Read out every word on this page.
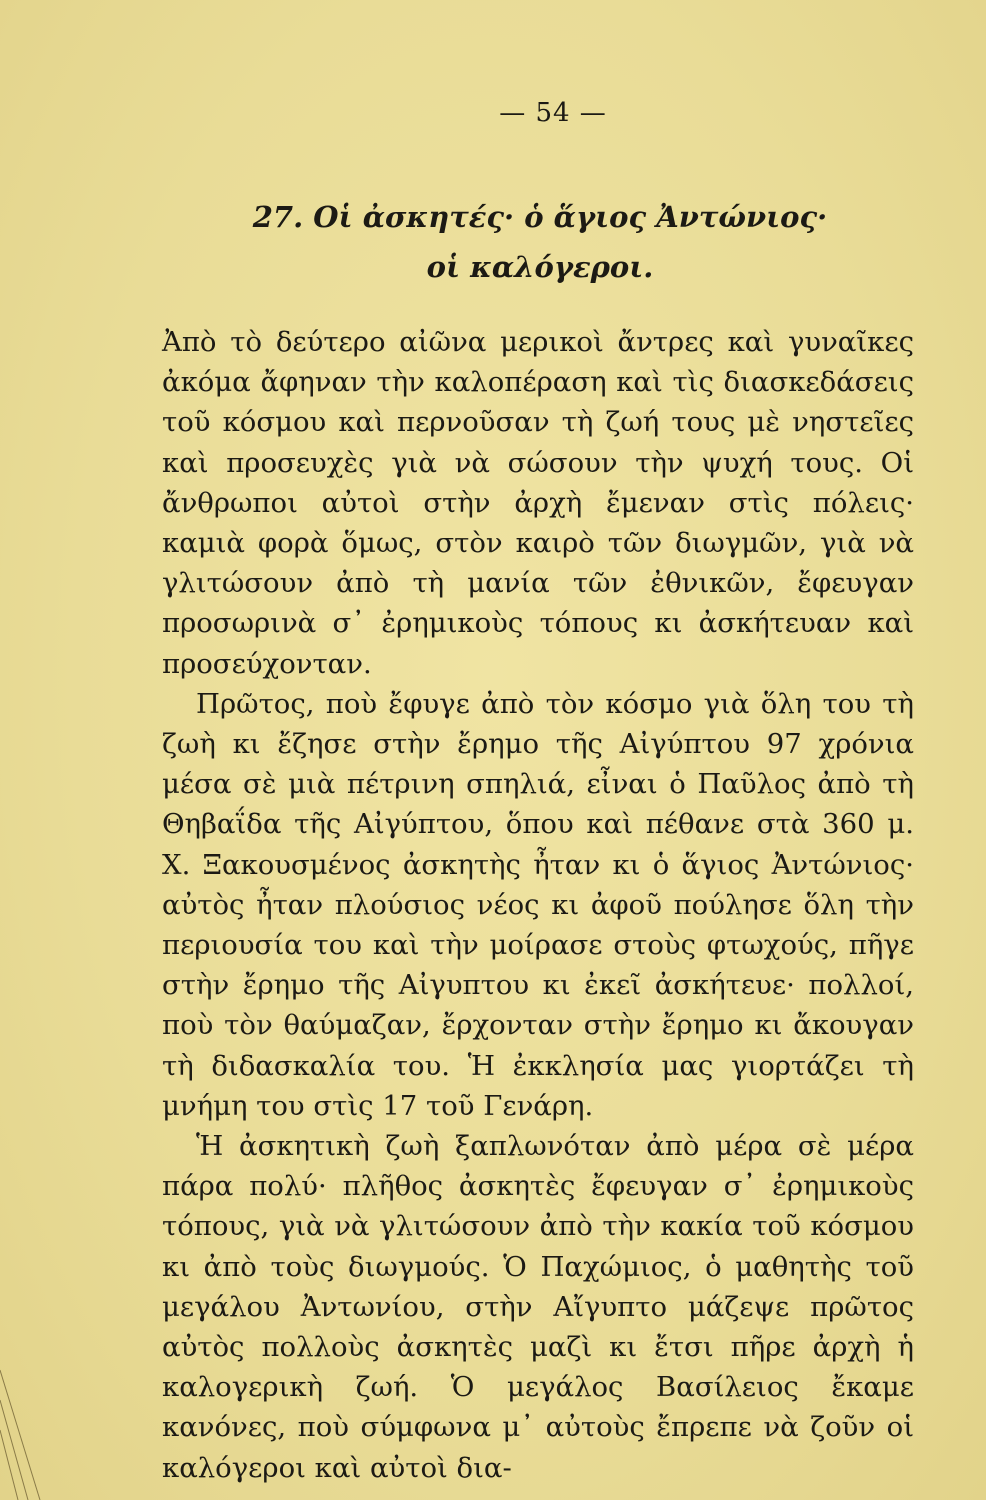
— 54 —
27. Οἱ ἀσκητές· ὁ ἅγιος Ἀντώνιος·
οἱ καλόγεροι.

Ἀπὸ τὸ δεύτερο αἰῶνα μερικοὶ ἄντρες καὶ γυναῖκες ἀκόμα ἄφηναν τὴν καλοπέραση καὶ τὶς διασκεδάσεις τοῦ κόσμου καὶ περνοῦσαν τὴ ζωή τους μὲ νηστεῖες καὶ προσευχὲς γιὰ νὰ σώσουν τὴν ψυχή τους. Οἱ ἄνθρωποι αὐτοὶ στὴν ἀρχὴ ἔμεναν στὶς πόλεις· καμιὰ φορὰ ὅμως, στὸν καιρὸ τῶν διωγμῶν, γιὰ νὰ γλιτώσουν ἀπὸ τὴ μανία τῶν ἐθνικῶν, ἔφευγαν προσωρινὰ σ᾿ ἐρημικοὺς τόπους κι ἀσκήτευαν καὶ προσεύχονταν.

Πρῶτος, ποὺ ἔφυγε ἀπὸ τὸν κόσμο γιὰ ὅλη του τὴ ζωὴ κι ἔζησε στὴν ἔρημο τῆς Αἰγύπτου 97 χρόνια μέσα σὲ μιὰ πέτρινη σπηλιά, εἶναι ὁ Παῦλος ἀπὸ τὴ Θηβαΐδα τῆς Αἰγύπτου, ὅπου καὶ πέθανε στὰ 360 μ. Χ. Ξακουσμένος ἀσκητὴς ἦταν κι ὁ ἅγιος Ἀντώνιος· αὐτὸς ἦταν πλούσιος νέος κι ἀφοῦ πούλησε ὅλη τὴν περιουσία του καὶ τὴν μοίρασε στοὺς φτωχούς, πῆγε στὴν ἔρημο τῆς Αἰγυπτου κι ἐκεῖ ἀσκήτευε· πολλοί, ποὺ τὸν θαύμαζαν, ἔρχονταν στὴν ἔρημο κι ἄκουγαν τὴ διδασκαλία του. Ἡ ἐκκλησία μας γιορτάζει τὴ μνήμη του στὶς 17 τοῦ Γενάρη.

Ἡ ἀσκητικὴ ζωὴ ξαπλωνόταν ἀπὸ μέρα σὲ μέρα πάρα πολύ· πλῆθος ἀσκητὲς ἔφευγαν σ᾿ ἐρημικοὺς τόπους, γιὰ νὰ γλιτώσουν ἀπὸ τὴν κακία τοῦ κόσμου κι ἀπὸ τοὺς διωγμούς. Ὁ Παχώμιος, ὁ μαθητὴς τοῦ μεγάλου Ἀντωνίου, στὴν Αἴγυπτο μάζεψε πρῶτος αὐτὸς πολλοὺς ἀσκητὲς μαζὶ κι ἔτσι πῆρε ἀρχὴ ἡ καλογερικὴ ζωή. Ὁ μεγάλος Βασίλειος ἔκαμε κανόνες, ποὺ σύμφωνα μ᾿ αὐτοὺς ἔπρεπε νὰ ζοῦν οἱ καλόγεροι καὶ αὐτοὶ δια-
